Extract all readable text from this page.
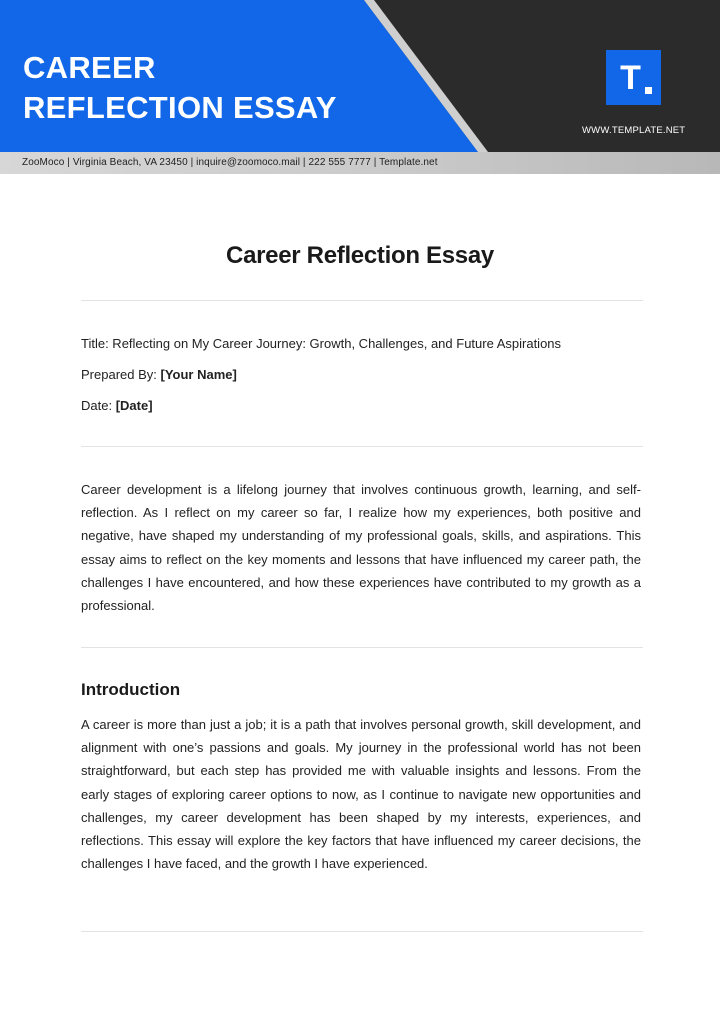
CAREER
REFLECTION ESSAY
T
WWW.TEMPLATE.NET
ZooMoco | Virginia Beach, VA 23450 | inquire@zoomoco.mail | 222 555 7777 | Template.net
Career Reflection Essay
Title: Reflecting on My Career Journey: Growth, Challenges, and Future Aspirations
Prepared By: [Your Name]
Date: [Date]

Career development is a lifelong journey that involves continuous growth, learning, and self-reflection. As I reflect on my career so far, I realize how my experiences, both positive and negative, have shaped my understanding of my professional goals, skills, and aspirations. This essay aims to reflect on the key moments and lessons that have influenced my career path, the challenges I have encountered, and how these experiences have contributed to my growth as a professional.

Introduction

A career is more than just a job; it is a path that involves personal growth, skill development, and alignment with one’s passions and goals. My journey in the professional world has not been straightforward, but each step has provided me with valuable insights and lessons. From the early stages of exploring career options to now, as I continue to navigate new opportunities and challenges, my career development has been shaped by my interests, experiences, and reflections. This essay will explore the key factors that have influenced my career decisions, the challenges I have faced, and the growth I have experienced.
